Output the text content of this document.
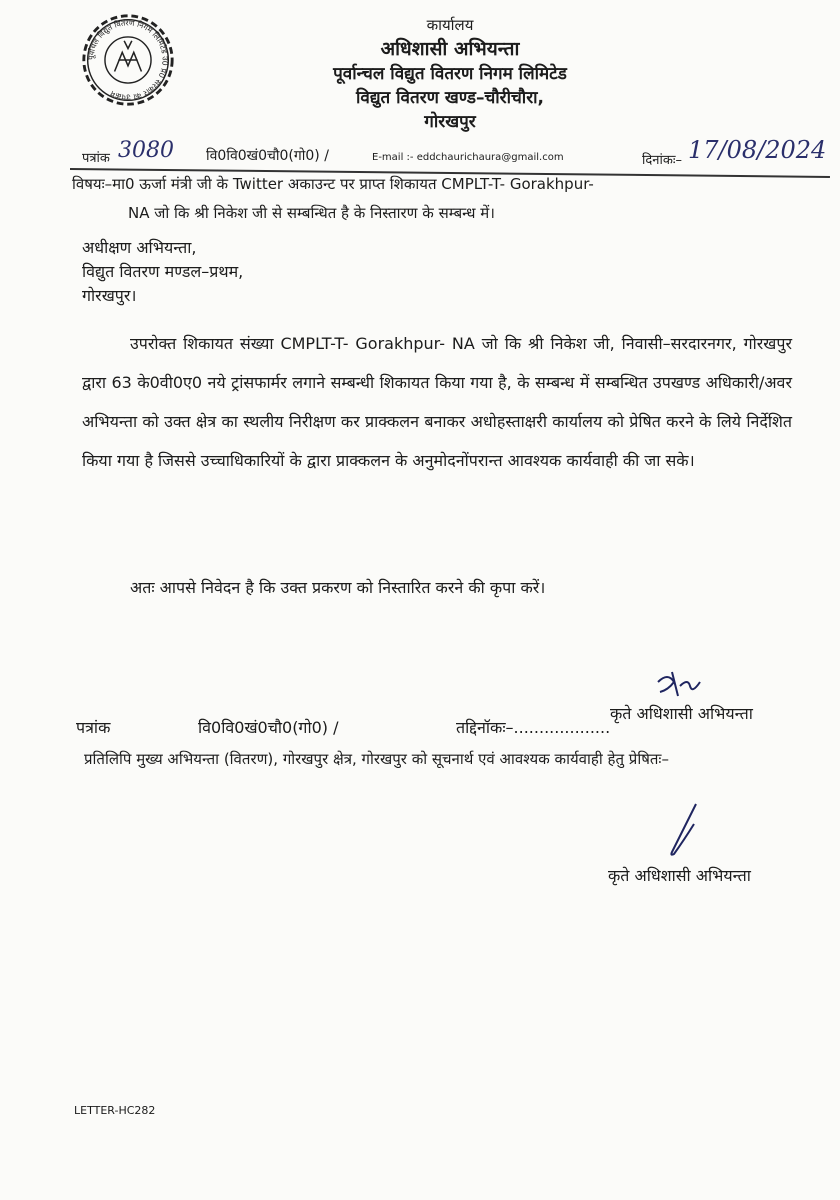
पूर्वांचल विद्युत वितरण निगम लिमिटेड उ0 प्र0 सरकार का उपक्रम
कार्यालय
अधिशासी अभियन्ता
पूर्वान्चल विद्युत वितरण निगम लिमिटेड
विद्युत वितरण खण्ड–चौरीचौरा,
गोरखपुर
पत्रांक 3080 वि0वि0खं0चौ0(गो0) /	E-mail :- eddchaurichaura@gmail.com	दिनांकः– 17/08/2024
विषयः–मा0 ऊर्जा मंत्री जी के Twitter अकाउन्ट पर प्राप्त शिकायत CMPLT-T- Gorakhpur-
NA जो कि श्री निकेश जी से सम्बन्धित है के निस्तारण के सम्बन्ध में।
अधीक्षण अभियन्ता,
विद्युत वितरण मण्डल–प्रथम,
गोरखपुर।

उपरोक्त शिकायत संख्या CMPLT-T- Gorakhpur- NA जो कि श्री निकेश जी, निवासी–सरदारनगर, गोरखपुर द्वारा 63 के0वी0ए0 नये ट्रांसफार्मर लगाने सम्बन्धी शिकायत किया गया है, के सम्बन्ध में सम्बन्धित उपखण्ड अधिकारी/अवर अभियन्ता को उक्त क्षेत्र का स्थलीय निरीक्षण कर प्राक्कलन बनाकर अधोहस्ताक्षरी कार्यालय को प्रेषित करने के लिये निर्देशित किया गया है जिससे उच्चाधिकारियों के द्वारा प्राक्कलन के अनुमोदनोंपरान्त आवश्यक कार्यवाही की जा सके।

अतः आपसे निवेदन है कि उक्त प्रकरण को निस्तारित करने की कृपा करें।
कृते अधिशासी अभियन्ता
पत्रांक	वि0वि0खं0चौ0(गो0) /	तद्दिनॉकः–...................

प्रतिलिपि मुख्य अभियन्ता (वितरण), गोरखपुर क्षेत्र, गोरखपुर को सूचनार्थ एवं आवश्यक कार्यवाही हेतु प्रेषितः–

कृते अधिशासी अभियन्ता
LETTER-HC282
